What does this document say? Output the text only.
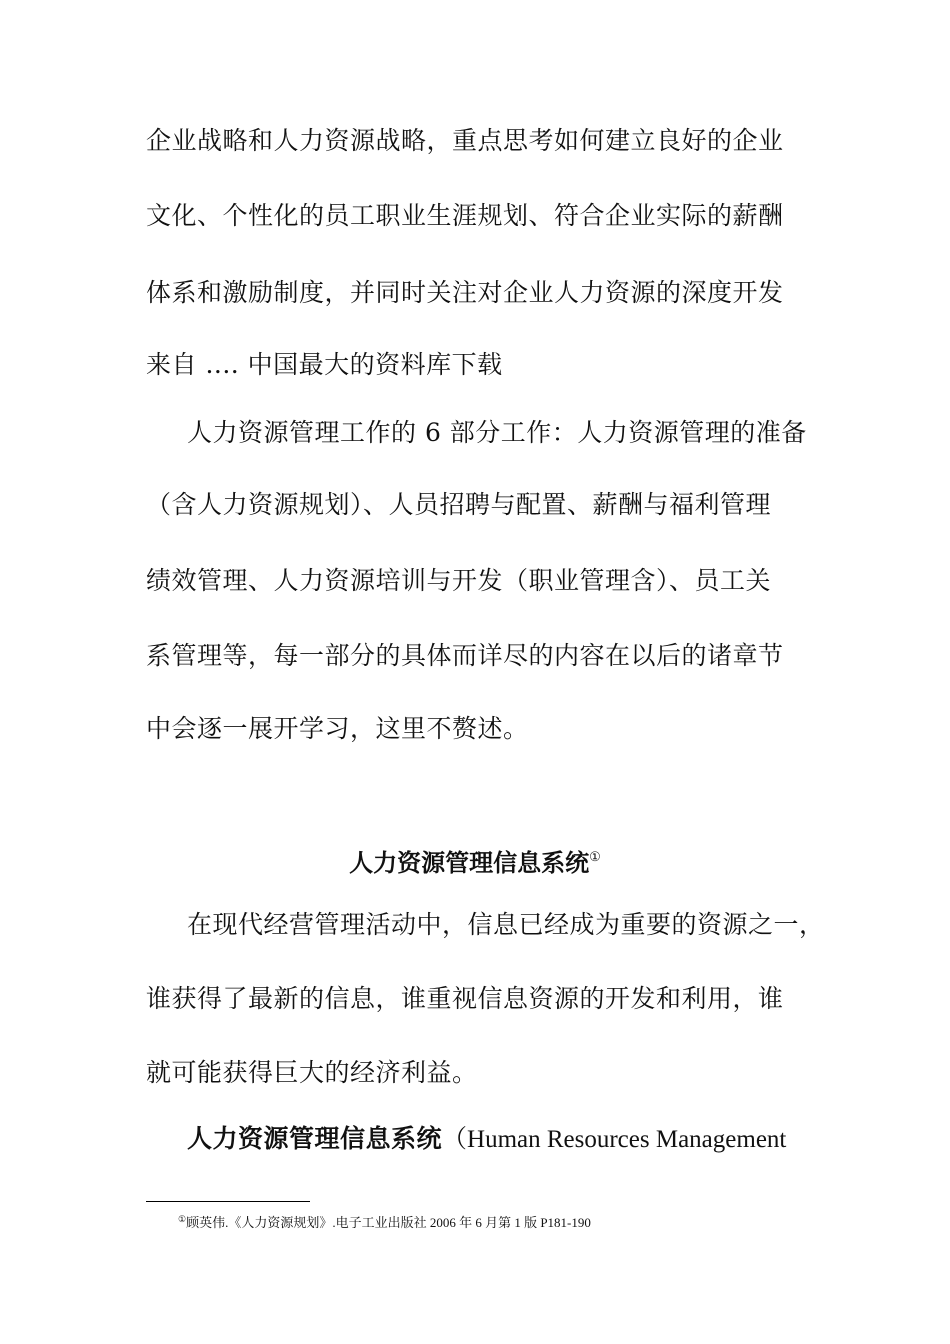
企业战略和人力资源战略，重点思考如何建立良好的企业
文化、个性化的员工职业生涯规划、符合企业实际的薪酬
体系和激励制度，并同时关注对企业人力资源的深度开发
来自 .... 中国最大的资料库下载
人力资源管理工作的 6 部分工作：人力资源管理的准备
（含人力资源规划）、人员招聘与配置、薪酬与福利管理
绩效管理、人力资源培训与开发（职业管理含）、员工关
系管理等，每一部分的具体而详尽的内容在以后的诸章节
中会逐一展开学习，这里不赘述。
人力资源管理信息系统①
在现代经营管理活动中，信息已经成为重要的资源之一，
谁获得了最新的信息，谁重视信息资源的开发和利用，谁
就可能获得巨大的经济利益。
人力资源管理信息系统（Human Resources Management
①顾英伟.《人力资源规划》.电子工业出版社 2006 年 6 月第 1 版 P181-190
